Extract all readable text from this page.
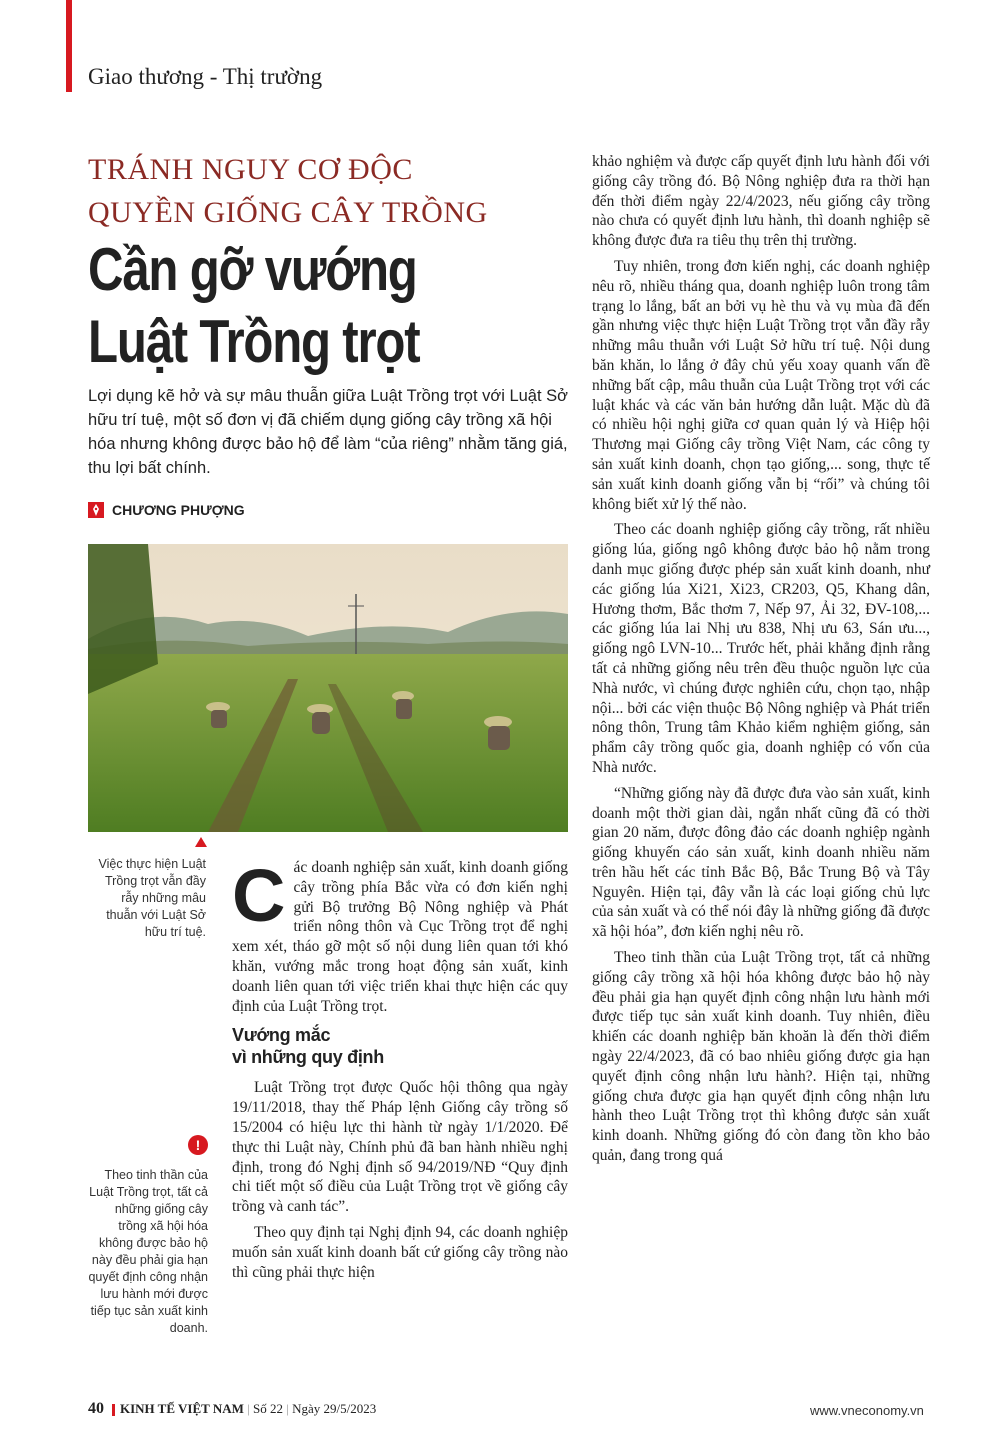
Giao thương - Thị trường
TRÁNH NGUY CƠ ĐỘC QUYỀN GIỐNG CÂY TRỒNG
Cần gỡ vướng Luật Trồng trọt
Lợi dụng kẽ hở và sự mâu thuẫn giữa Luật Trồng trọt với Luật Sở hữu trí tuệ, một số đơn vị đã chiếm dụng giống cây trồng xã hội hóa nhưng không được bảo hộ để làm “của riêng” nhằm tăng giá, thu lợi bất chính.
CHƯƠNG PHƯỢNG
Việc thực hiện Luật Trồng trọt vẫn đầy rẫy những mâu thuẫn với Luật Sở hữu trí tuệ.
!
Theo tinh thần của Luật Trồng trọt, tất cả những giống cây trồng xã hội hóa không được bảo hộ này đều phải gia hạn quyết định công nhận lưu hành mới được tiếp tục sản xuất kinh doanh.

Các doanh nghiệp sản xuất, kinh doanh giống cây trồng phía Bắc vừa có đơn kiến nghị gửi Bộ trưởng Bộ Nông nghiệp và Phát triển nông thôn và Cục Trồng trọt để nghị xem xét, tháo gỡ một số nội dung liên quan tới khó khăn, vướng mắc trong hoạt động sản xuất, kinh doanh liên quan tới việc triển khai thực hiện các quy định của Luật Trồng trọt.

Vướng mắc
vì những quy định

Luật Trồng trọt được Quốc hội thông qua ngày 19/11/2018, thay thế Pháp lệnh Giống cây trồng số 15/2004 có hiệu lực thi hành từ ngày 1/1/2020. Để thực thi Luật này, Chính phủ đã ban hành nhiều nghị định, trong đó Nghị định số 94/2019/NĐ “Quy định chi tiết một số điều của Luật Trồng trọt về giống cây trồng và canh tác”.

Theo quy định tại Nghị định 94, các doanh nghiệp muốn sản xuất kinh doanh bất cứ giống cây trồng nào thì cũng phải thực hiện

khảo nghiệm và được cấp quyết định lưu hành đối với giống cây trồng đó. Bộ Nông nghiệp đưa ra thời hạn đến thời điểm ngày 22/4/2023, nếu giống cây trồng nào chưa có quyết định lưu hành, thì doanh nghiệp sẽ không được đưa ra tiêu thụ trên thị trường.

Tuy nhiên, trong đơn kiến nghị, các doanh nghiệp nêu rõ, nhiều tháng qua, doanh nghiệp luôn trong tâm trạng lo lắng, bất an bởi vụ hè thu và vụ mùa đã đến gần nhưng việc thực hiện Luật Trồng trọt vẫn đầy rẫy những mâu thuẫn với Luật Sở hữu trí tuệ. Nội dung băn khăn, lo lắng ở đây chủ yếu xoay quanh vấn đề những bất cập, mâu thuẫn của Luật Trồng trọt với các luật khác và các văn bản hướng dẫn luật. Mặc dù đã có nhiều hội nghị giữa cơ quan quản lý và Hiệp hội Thương mại Giống cây trồng Việt Nam, các công ty sản xuất kinh doanh, chọn tạo giống,... song, thực tế sản xuất kinh doanh giống vẫn bị “rối” và chúng tôi không biết xử lý thế nào.

Theo các doanh nghiệp giống cây trồng, rất nhiều giống lúa, giống ngô không được bảo hộ nằm trong danh mục giống được phép sản xuất kinh doanh, như các giống lúa Xi21, Xi23, CR203, Q5, Khang dân, Hương thơm, Bắc thơm 7, Nếp 97, Ải 32, ĐV-108,... các giống lúa lai Nhị ưu 838, Nhị ưu 63, Sán ưu..., giống ngô LVN-10... Trước hết, phải khẳng định rằng tất cả những giống nêu trên đều thuộc nguồn lực của Nhà nước, vì chúng được nghiên cứu, chọn tạo, nhập nội... bởi các viện thuộc Bộ Nông nghiệp và Phát triển nông thôn, Trung tâm Khảo kiểm nghiệm giống, sản phẩm cây trồng quốc gia, doanh nghiệp có vốn của Nhà nước.

“Những giống này đã được đưa vào sản xuất, kinh doanh một thời gian dài, ngắn nhất cũng đã có thời gian 20 năm, được đông đảo các doanh nghiệp ngành giống khuyến cáo sản xuất, kinh doanh nhiều năm trên hầu hết các tỉnh Bắc Bộ, Bắc Trung Bộ và Tây Nguyên. Hiện tại, đây vẫn là các loại giống chủ lực của sản xuất và có thể nói đây là những giống đã được xã hội hóa”, đơn kiến nghị nêu rõ.

Theo tinh thần của Luật Trồng trọt, tất cả những giống cây trồng xã hội hóa không được bảo hộ này đều phải gia hạn quyết định công nhận lưu hành mới được tiếp tục sản xuất kinh doanh. Tuy nhiên, điều khiến các doanh nghiệp băn khoăn là đến thời điểm ngày 22/4/2023, đã có bao nhiêu giống được gia hạn quyết định công nhận lưu hành?. Hiện tại, những giống chưa được gia hạn quyết định công nhận lưu hành theo Luật Trồng trọt thì không được sản xuất kinh doanh. Những giống đó còn đang tồn kho bảo quản, đang trong quá

40 KINH TẾ VIỆT NAM | Số 22 | Ngày 29/5/2023	www.vneconomy.vn
